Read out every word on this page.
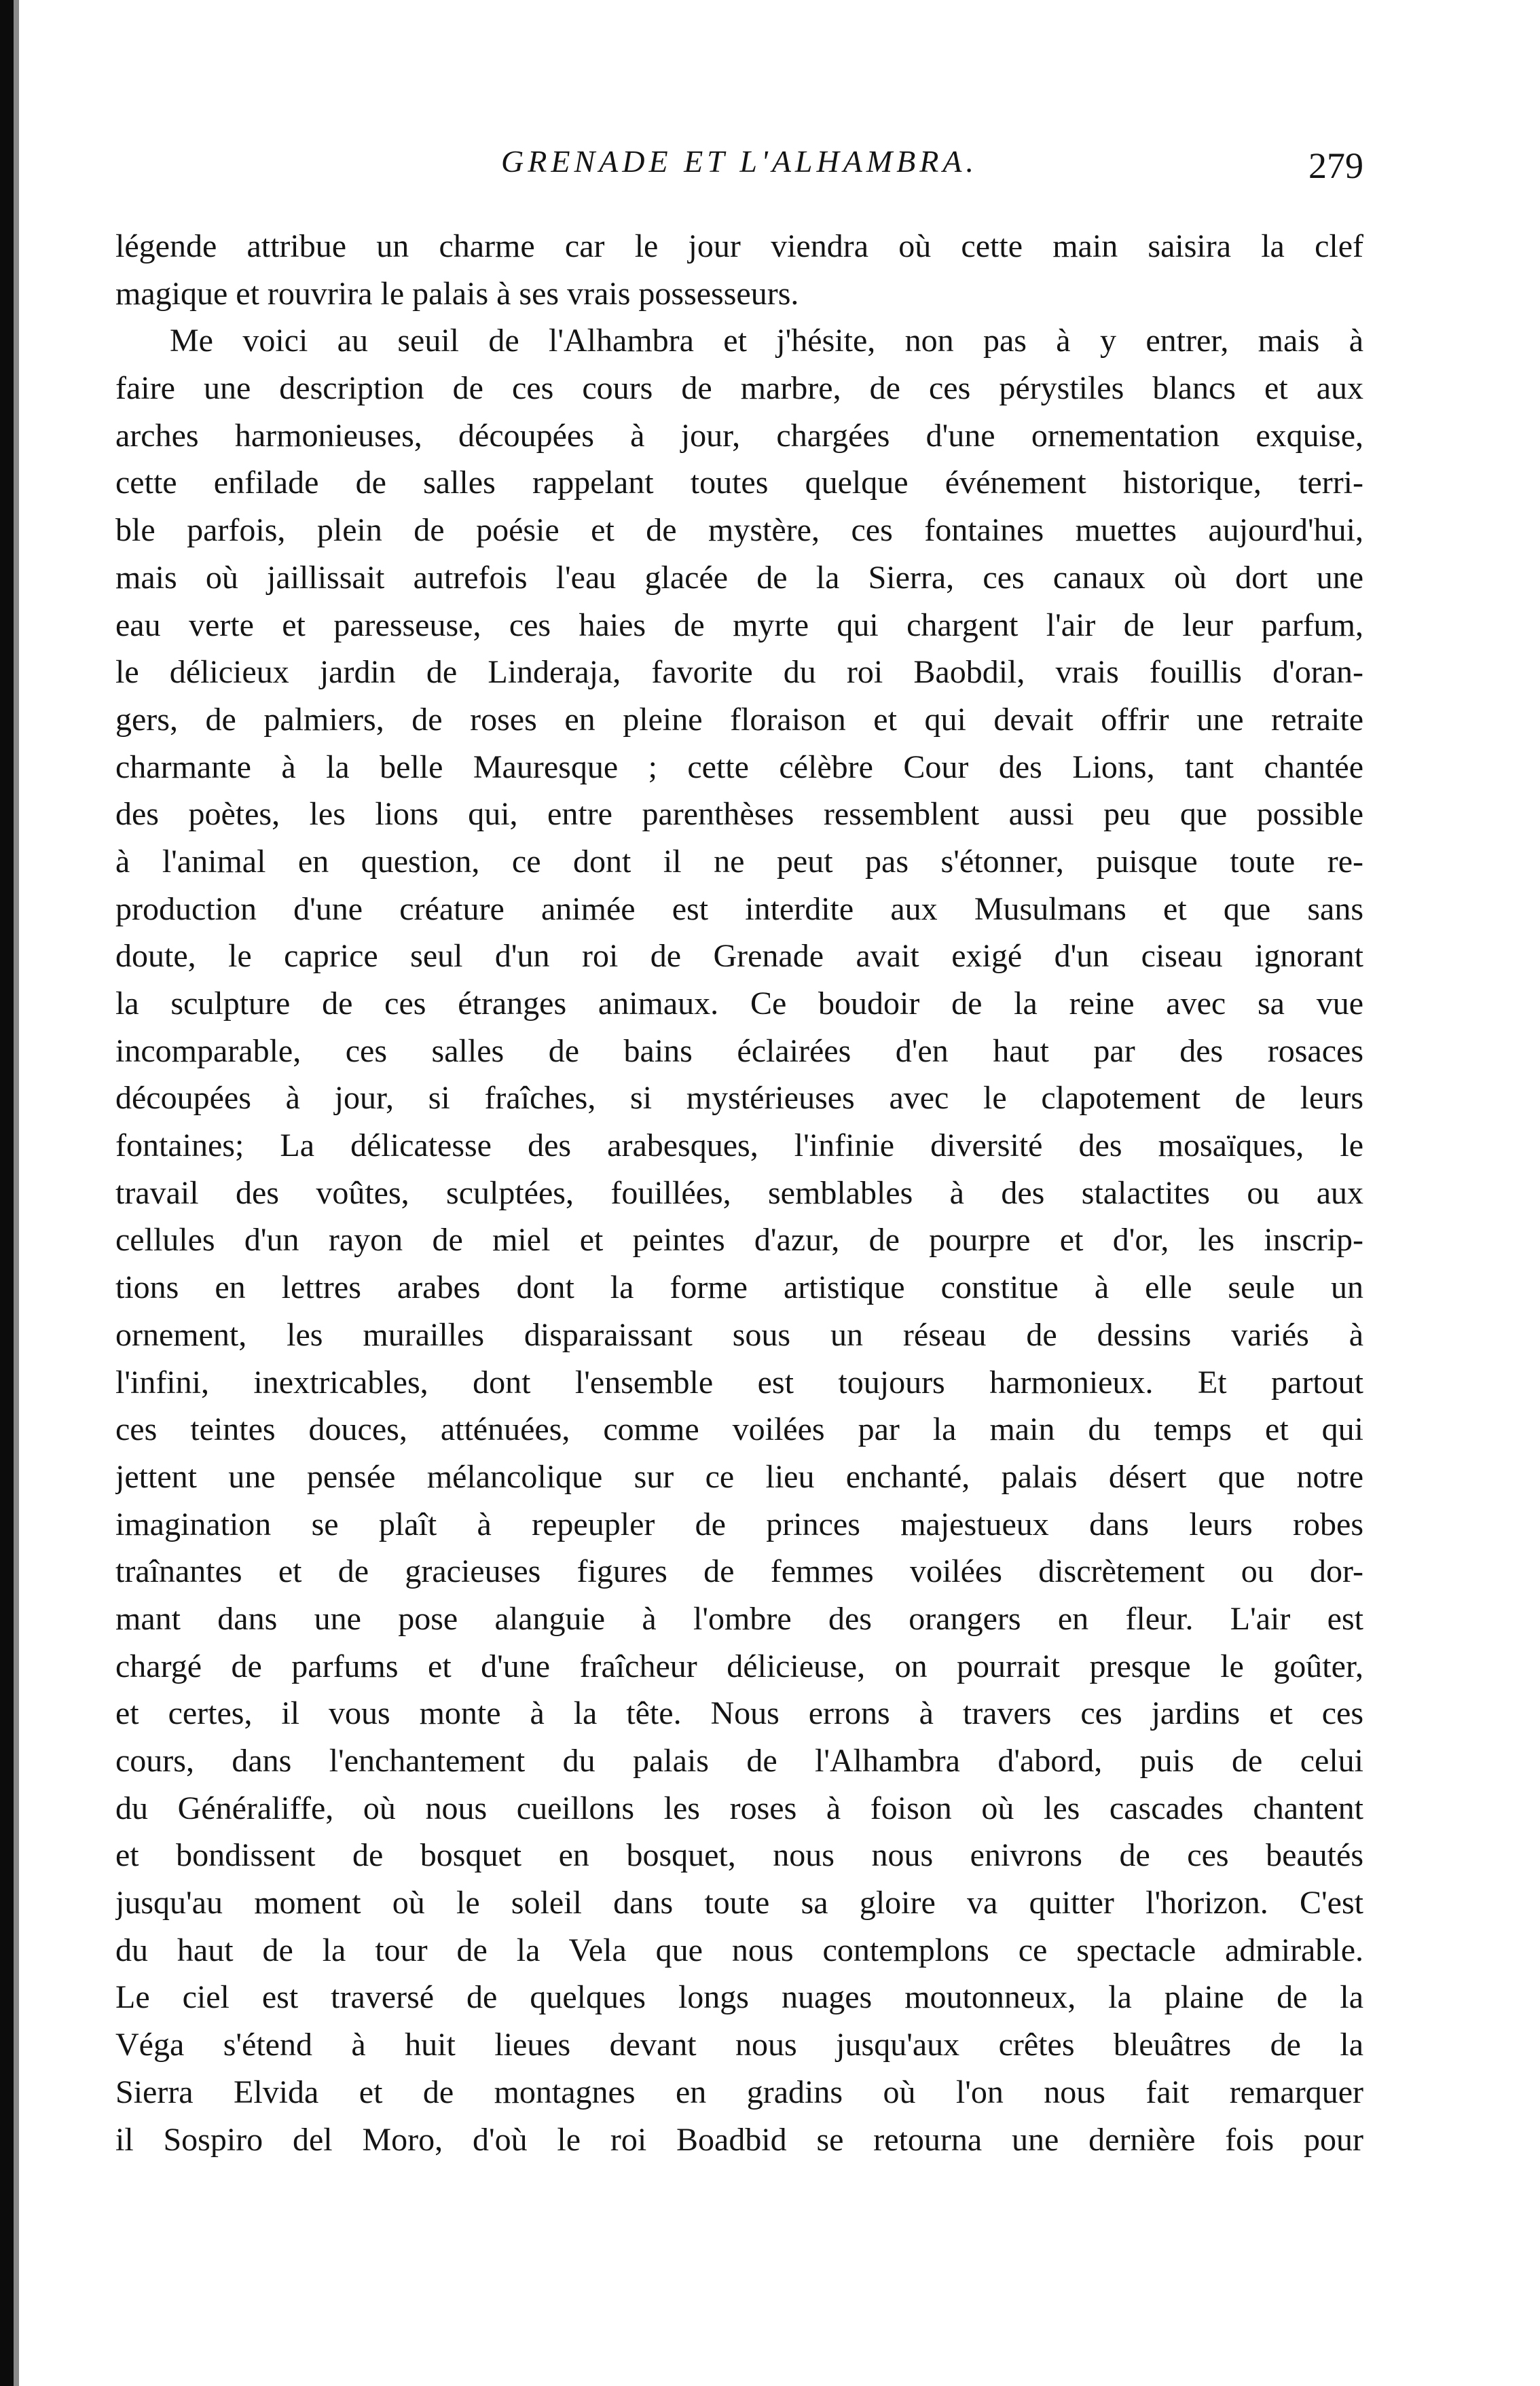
GRENADE ET L'ALHAMBRA.	279
légende attribue un charme car le jour viendra où cette main saisira la clef
magique et rouvrira le palais à ses vrais possesseurs.
Me voici au seuil de l'Alhambra et j'hésite, non pas à y entrer, mais à
faire une description de ces cours de marbre, de ces pérystiles blancs et aux
arches harmonieuses, découpées à jour, chargées d'une ornementation exquise,
cette enfilade de salles rappelant toutes quelque événement historique, terri-
ble parfois, plein de poésie et de mystère, ces fontaines muettes aujourd'hui,
mais où jaillissait autrefois l'eau glacée de la Sierra, ces canaux où dort une
eau verte et paresseuse, ces haies de myrte qui chargent l'air de leur parfum,
le délicieux jardin de Linderaja, favorite du roi Baobdil, vrais fouillis d'oran-
gers, de palmiers, de roses en pleine floraison et qui devait offrir une retraite
charmante à la belle Mauresque ; cette célèbre Cour des Lions, tant chantée
des poètes, les lions qui, entre parenthèses ressemblent aussi peu que possible
à l'animal en question, ce dont il ne peut pas s'étonner, puisque toute re-
production d'une créature animée est interdite aux Musulmans et que sans
doute, le caprice seul d'un roi de Grenade avait exigé d'un ciseau ignorant
la sculpture de ces étranges animaux. Ce boudoir de la reine avec sa vue
incomparable, ces salles de bains éclairées d'en haut par des rosaces
découpées à jour, si fraîches, si mystérieuses avec le clapotement de leurs
fontaines; La délicatesse des arabesques, l'infinie diversité des mosaïques, le
travail des voûtes, sculptées, fouillées, semblables à des stalactites ou aux
cellules d'un rayon de miel et peintes d'azur, de pourpre et d'or, les inscrip-
tions en lettres arabes dont la forme artistique constitue à elle seule un
ornement, les murailles disparaissant sous un réseau de dessins variés à
l'infini, inextricables, dont l'ensemble est toujours harmonieux. Et partout
ces teintes douces, atténuées, comme voilées par la main du temps et qui
jettent une pensée mélancolique sur ce lieu enchanté, palais désert que notre
imagination se plaît à repeupler de princes majestueux dans leurs robes
traînantes et de gracieuses figures de femmes voilées discrètement ou dor-
mant dans une pose alanguie à l'ombre des orangers en fleur. L'air est
chargé de parfums et d'une fraîcheur délicieuse, on pourrait presque le goûter,
et certes, il vous monte à la tête. Nous errons à travers ces jardins et ces
cours, dans l'enchantement du palais de l'Alhambra d'abord, puis de celui
du Généraliffe, où nous cueillons les roses à foison où les cascades chantent
et bondissent de bosquet en bosquet, nous nous enivrons de ces beautés
jusqu'au moment où le soleil dans toute sa gloire va quitter l'horizon. C'est
du haut de la tour de la Vela que nous contemplons ce spectacle admirable.
Le ciel est traversé de quelques longs nuages moutonneux, la plaine de la
Véga s'étend à huit lieues devant nous jusqu'aux crêtes bleuâtres de la
Sierra Elvida et de montagnes en gradins où l'on nous fait remarquer
il Sospiro del Moro, d'où le roi Boadbid se retourna une dernière fois pour
